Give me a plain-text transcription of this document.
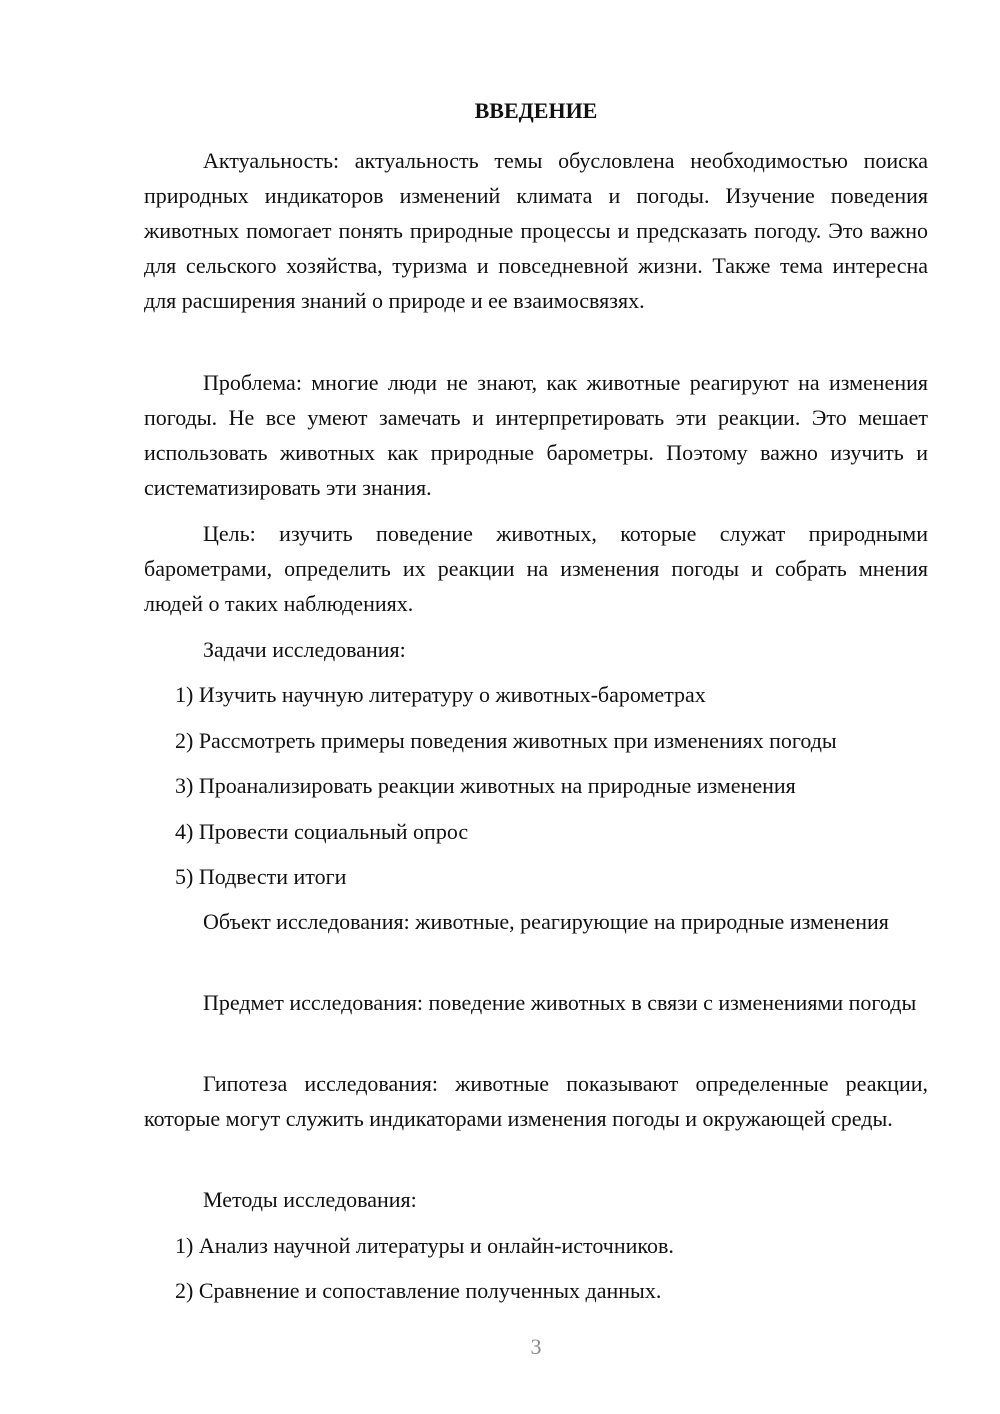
ВВЕДЕНИЕ

Актуальность: актуальность темы обусловлена необходимостью поиска природных индикаторов изменений климата и погоды. Изучение поведения животных помогает понять природные процессы и предсказать погоду. Это важно для сельского хозяйства, туризма и повседневной жизни. Также тема интересна для расширения знаний о природе и ее взаимосвязях.

Проблема: многие люди не знают, как животные реагируют на изменения погоды. Не все умеют замечать и интерпретировать эти реакции. Это мешает использовать животных как природные барометры. Поэтому важно изучить и систематизировать эти знания.

Цель: изучить поведение животных, которые служат природными барометрами, определить их реакции на изменения погоды и собрать мнения людей о таких наблюдениях.

Задачи исследования:
1) Изучить научную литературу о животных-барометрах
2) Рассмотреть примеры поведения животных при изменениях погоды
3) Проанализировать реакции животных на природные изменения
4) Провести социальный опрос
5) Подвести итоги

Объект исследования: животные, реагирующие на природные изменения

Предмет исследования: поведение животных в связи с изменениями погоды

Гипотеза исследования: животные показывают определенные реакции, которые могут служить индикаторами изменения погоды и окружающей среды.

Методы исследования:
1) Анализ научной литературы и онлайн-источников.
2) Сравнение и сопоставление полученных данных.
3
